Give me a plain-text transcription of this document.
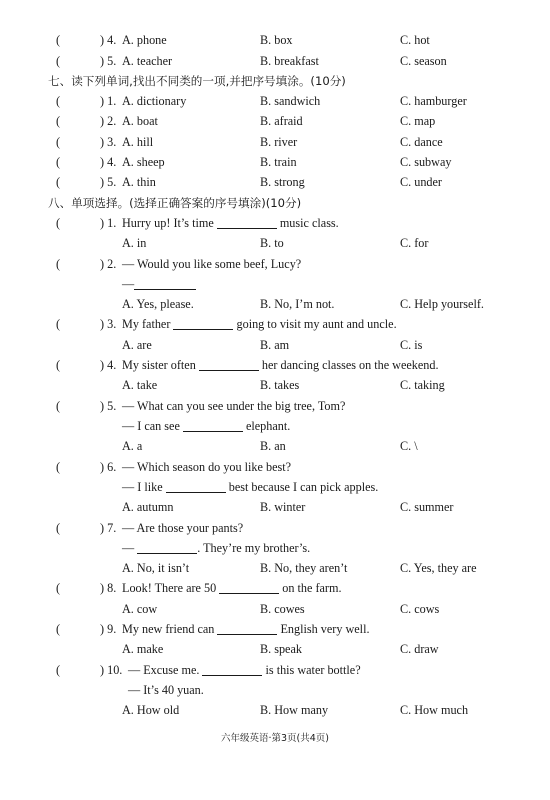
(	) 4. A. phone	B. box	C. hot
(	) 5. A. teacher	B. breakfast	C. season
七、读下列单词,找出不同类的一项,并把序号填涂。(10分)
(	) 1. A. dictionary	B. sandwich	C. hamburger
(	) 2. A. boat	B. afraid	C. map
(	) 3. A. hill	B. river	C. dance
(	) 4. A. sheep	B. train	C. subway
(	) 5. A. thin	B. strong	C. under
八、单项选择。(选择正确答案的序号填涂)(10分)
(	) 1. Hurry up! It’s time	music class.
A. in	B. to	C. for
(	) 2. — Would you like some beef, Lucy?
—
A. Yes, please.	B. No, I’m not.	C. Help yourself.
(	) 3. My father	going to visit my aunt and uncle.
A. are	B. am	C. is
(	) 4. My sister often	her dancing classes on the weekend.
A. take	B. takes	C. taking
(	) 5. — What can you see under the big tree, Tom?
— I can see	elephant.
A. a	B. an	C. \
(	) 6. — Which season do you like best?
— I like	best because I can pick apples.
A. autumn	B. winter	C. summer
(	) 7. — Are those your pants?
—	. They’re my brother’s.
A. No, it isn’t	B. No, they aren’t	C. Yes, they are
(	) 8. Look! There are 50	on the farm.
A. cow	B. cowes	C. cows
(	) 9. My new friend can	English very well.
A. make	B. speak	C. draw
(	) 10. — Excuse me.	is this water bottle?
— It’s 40 yuan.
A. How old	B. How many	C. How much
六年级英语·第3页(共4页)
